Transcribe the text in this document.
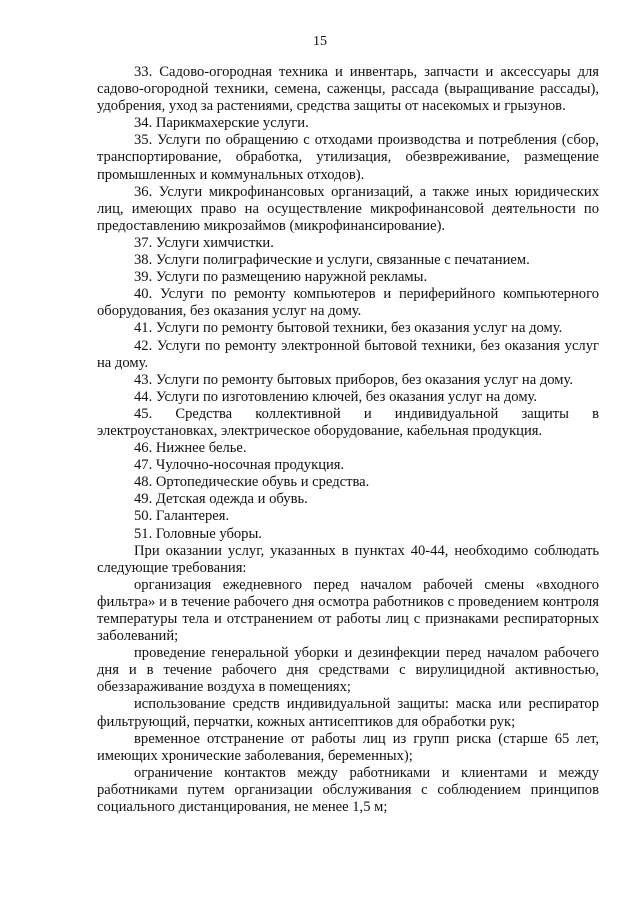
15

33. Садово-огородная техника и инвентарь, запчасти и аксессуары для садово-огородной техники, семена, саженцы, рассада (выращивание рассады), удобрения, уход за растениями, средства защиты от насекомых и грызунов.

34. Парикмахерские услуги.

35. Услуги по обращению с отходами производства и потребления (сбор, транспортирование, обработка, утилизация, обезвреживание, размещение промышленных и коммунальных отходов).

36. Услуги микрофинансовых организаций, а также иных юридических лиц, имеющих право на осуществление микрофинансовой деятельности по предоставлению микрозаймов (микрофинансирование).

37. Услуги химчистки.

38. Услуги полиграфические и услуги, связанные с печатанием.

39. Услуги по размещению наружной рекламы.

40. Услуги по ремонту компьютеров и периферийного компьютерного оборудования, без оказания услуг на дому.

41. Услуги по ремонту бытовой техники, без оказания услуг на дому.

42. Услуги по ремонту электронной бытовой техники, без оказания услуг на дому.

43. Услуги по ремонту бытовых приборов, без оказания услуг на дому.

44. Услуги по изготовлению ключей, без оказания услуг на дому.

45. Средства коллективной и индивидуальной защиты в электроустановках, электрическое оборудование, кабельная продукция.

46. Нижнее белье.

47. Чулочно-носочная продукция.

48. Ортопедические обувь и средства.

49. Детская одежда и обувь.

50. Галантерея.

51. Головные уборы.

При оказании услуг, указанных в пунктах 40-44, необходимо соблюдать следующие требования:

организация ежедневного перед началом рабочей смены «входного фильтра» и в течение рабочего дня осмотра работников с проведением контроля температуры тела и отстранением от работы лиц с признаками респираторных заболеваний;

проведение генеральной уборки и дезинфекции перед началом рабочего дня и в течение рабочего дня средствами с вирулицидной активностью, обеззараживание воздуха в помещениях;

использование средств индивидуальной защиты: маска или респиратор фильтрующий, перчатки, кожных антисептиков для обработки рук;

временное отстранение от работы лиц из групп риска (старше 65 лет, имеющих хронические заболевания, беременных);

ограничение контактов между работниками и клиентами и между работниками путем организации обслуживания с соблюдением принципов социального дистанцирования, не менее 1,5 м;
